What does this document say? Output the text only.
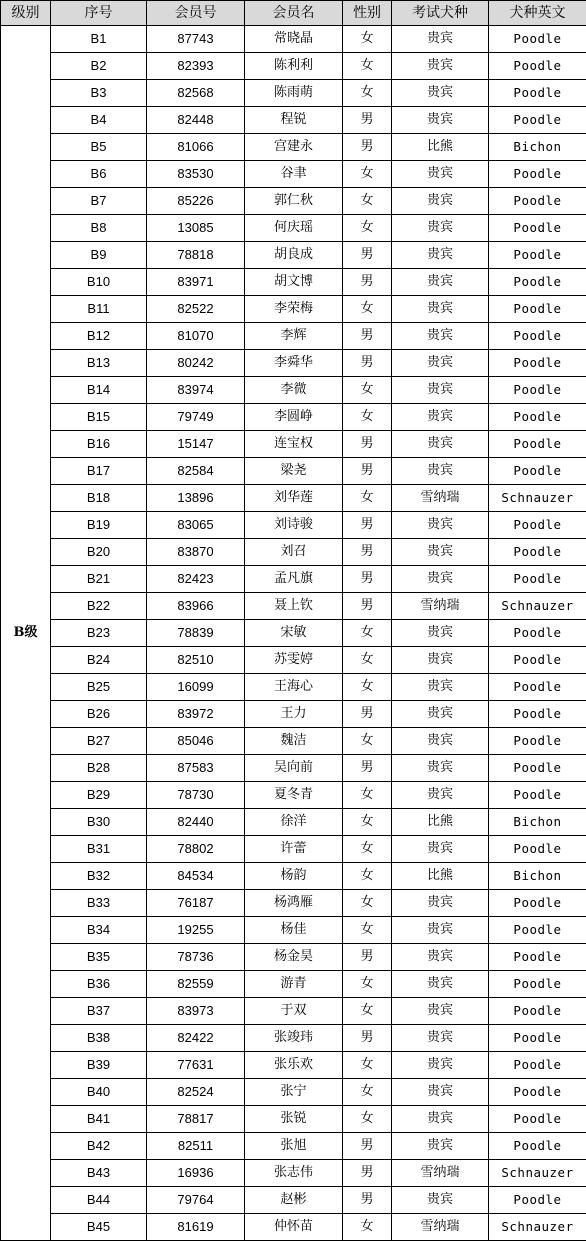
级别	序号	会员号	会员名	性别	考试犬种	犬种英文
B级	B1	87743	常晓晶	女	贵宾	Poodle
	B2	82393	陈利利	女	贵宾	Poodle
	B3	82568	陈雨萌	女	贵宾	Poodle
	B4	82448	程锐	男	贵宾	Poodle
	B5	81066	宫建永	男	比熊	Bichon
	B6	83530	谷聿	女	贵宾	Poodle
	B7	85226	郭仁秋	女	贵宾	Poodle
	B8	13085	何庆瑶	女	贵宾	Poodle
	B9	78818	胡良成	男	贵宾	Poodle
	B10	83971	胡文博	男	贵宾	Poodle
	B11	82522	李荣梅	女	贵宾	Poodle
	B12	81070	李辉	男	贵宾	Poodle
	B13	80242	李舜华	男	贵宾	Poodle
	B14	83974	李微	女	贵宾	Poodle
	B15	79749	李圆峥	女	贵宾	Poodle
	B16	15147	连宝权	男	贵宾	Poodle
	B17	82584	梁尧	男	贵宾	Poodle
	B18	13896	刘华莲	女	雪纳瑞	Schnauzer
	B19	83065	刘诗骏	男	贵宾	Poodle
	B20	83870	刘召	男	贵宾	Poodle
	B21	82423	孟凡旗	男	贵宾	Poodle
	B22	83966	聂上钦	男	雪纳瑞	Schnauzer
	B23	78839	宋敏	女	贵宾	Poodle
	B24	82510	苏雯婷	女	贵宾	Poodle
	B25	16099	王海心	女	贵宾	Poodle
	B26	83972	王力	男	贵宾	Poodle
	B27	85046	魏洁	女	贵宾	Poodle
	B28	87583	吴向前	男	贵宾	Poodle
	B29	78730	夏冬青	女	贵宾	Poodle
	B30	82440	徐洋	女	比熊	Bichon
	B31	78802	许蕾	女	贵宾	Poodle
	B32	84534	杨韵	女	比熊	Bichon
	B33	76187	杨鸿雁	女	贵宾	Poodle
	B34	19255	杨佳	女	贵宾	Poodle
	B35	78736	杨金昊	男	贵宾	Poodle
	B36	82559	游青	女	贵宾	Poodle
	B37	83973	于双	女	贵宾	Poodle
	B38	82422	张竣玮	男	贵宾	Poodle
	B39	77631	张乐欢	女	贵宾	Poodle
	B40	82524	张宁	女	贵宾	Poodle
	B41	78817	张锐	女	贵宾	Poodle
	B42	82511	张旭	男	贵宾	Poodle
	B43	16936	张志伟	男	雪纳瑞	Schnauzer
	B44	79764	赵彬	男	贵宾	Poodle
	B45	81619	仲怀苗	女	雪纳瑞	Schnauzer
